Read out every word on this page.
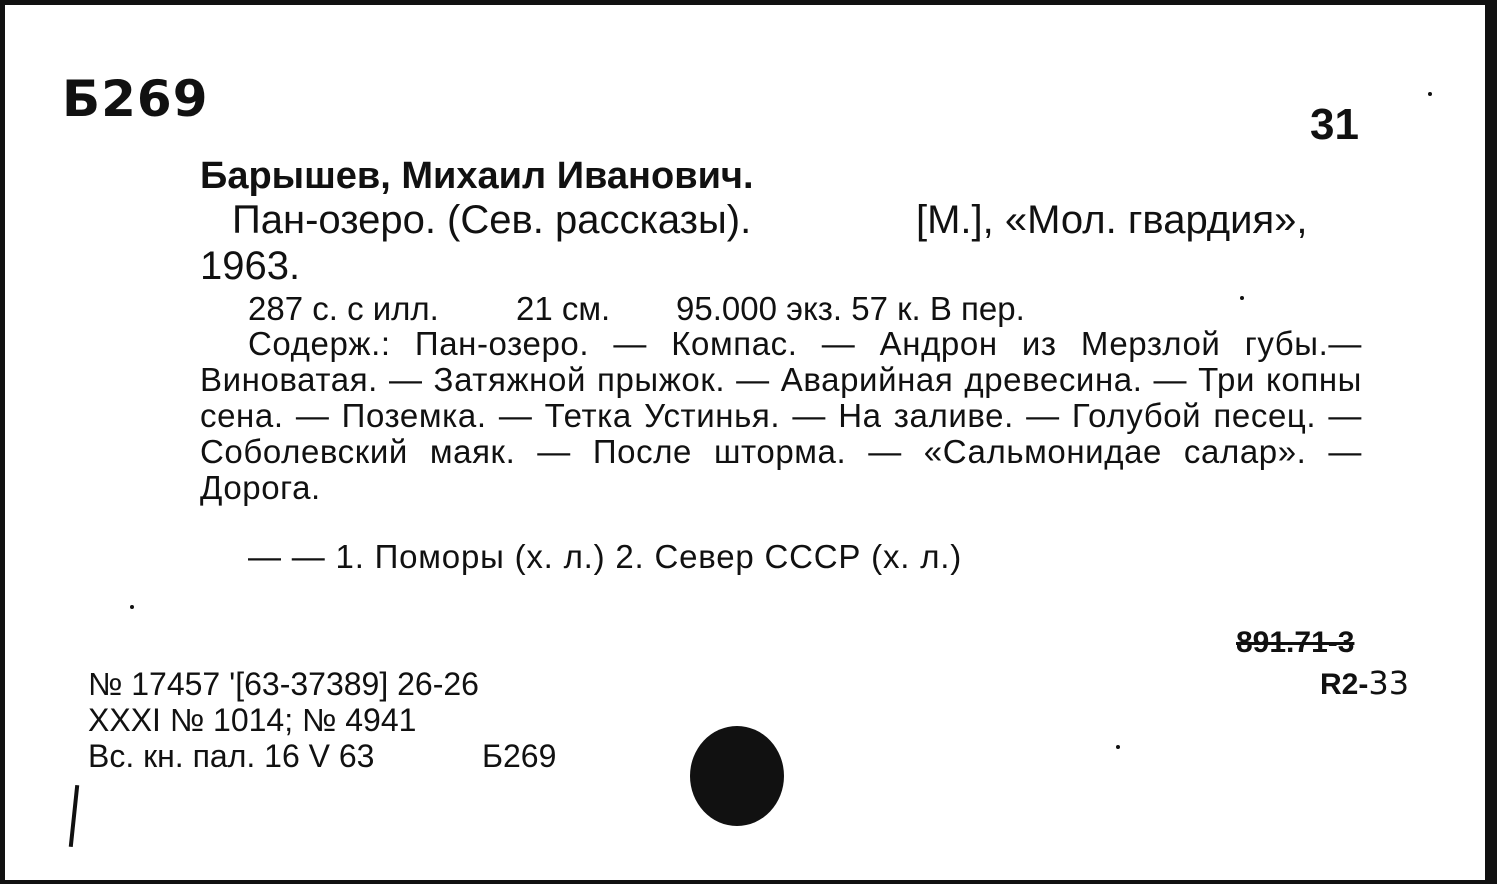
Б269	31
Барышев, Михаил Иванович.
Пан-озеро. (Сев. рассказы).	[М.], «Мол. гвардия»,
1963.
287 с. с илл. 21 см. 95.000 экз. 57 к. В пер.
Содерж.: Пан-озеро. — Компас. — Андрон из Мерзлой губы.— Виноватая. — Затяжной прыжок. — Аварийная древесина. — Три копны сена. — Поземка. — Тетка Устинья. — На заливе. — Голубой песец. — Соболевский маяк. — После шторма. — «Сальмонидае салар». — Дорога.
— — 1. Поморы (х. л.) 2. Север СССР (х. л.)
891.71-3
R2-33
№ 17457 '[63-37389] 26-26
XXXI № 1014; № 4941
Вс. кн. пал. 16 V 63	Б269
